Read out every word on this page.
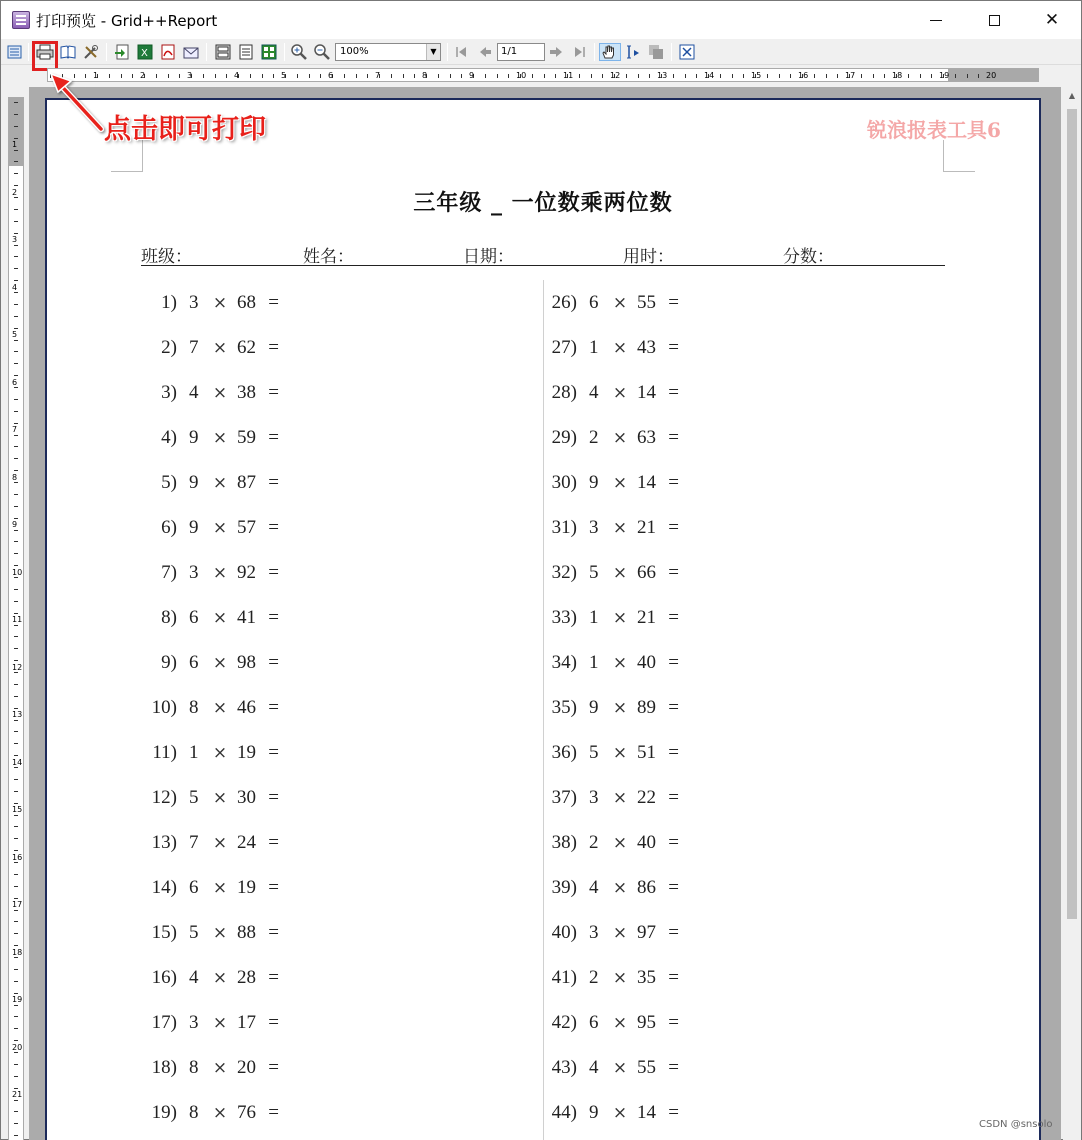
打印预览 - Grid++Report	✕
X	100%	▼	1/1
1	2	3	4	5	6	7	8	9	10	11	12	13	14	15	16	17	18	19	20
1
2
3
4
5
6
7
8
9
10
11
12
13
14
15
16
17
18
19
20
21
▲
锐浪报表工具6
三年级 _ 一位数乘两位数
班级：	姓名：	日期：	用时：	分数：
1) 3 × 68 =
2) 7 × 62 =
3) 4 × 38 =
4) 9 × 59 =
5) 9 × 87 =
6) 9 × 57 =
7) 3 × 92 =
8) 6 × 41 =
9) 6 × 98 =
10) 8 × 46 =
11) 1 × 19 =
12) 5 × 30 =
13) 7 × 24 =
14) 6 × 19 =
15) 5 × 88 =
16) 4 × 28 =
17) 3 × 17 =
18) 8 × 20 =
19) 8 × 76 =
26) 6 × 55 =
27) 1 × 43 =
28) 4 × 14 =
29) 2 × 63 =
30) 9 × 14 =
31) 3 × 21 =
32) 5 × 66 =
33) 1 × 21 =
34) 1 × 40 =
35) 9 × 89 =
36) 5 × 51 =
37) 3 × 22 =
38) 2 × 40 =
39) 4 × 86 =
40) 3 × 97 =
41) 2 × 35 =
42) 6 × 95 =
43) 4 × 55 =
44) 9 × 14 =
点击即可打印
CSDN @snsolo
